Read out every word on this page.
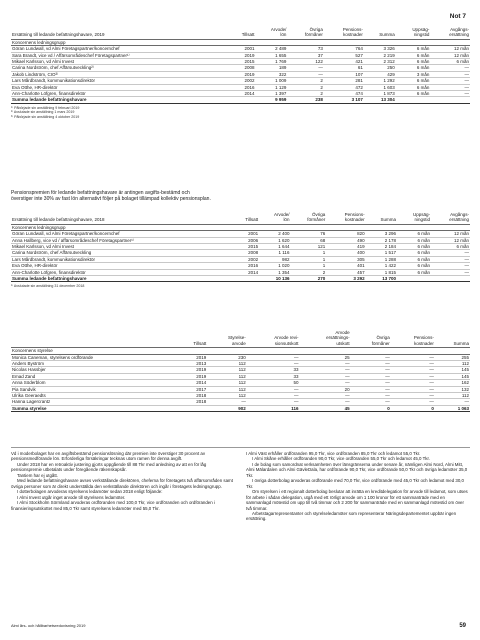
Not 7
Ersättning till ledande befattningshavare, 2019	Tillsatt	Arvode/
lön	Övriga
förmåner	Pensions-
kostnader	Summa	Uppsäg-
ningstid	Avgångs-
ersättning
Koncernens ledningsgrupp							
Göran Lundwall, vd Almi Företagspartner/koncernchef	2001	2 489	73	764	3 326	6 mån	12 mån
Sara Brandt, vice vd / Affärsområdeschef Företagspartner¹⁾	2019	1 655	37	527	2 219	6 mån	12 mån
Mikael Karlsson, vd Almi Invest	2015	1 769	122	421	2 312	6 mån	6 mån
Carina Nordström, chef Affärsutveckling²⁾	2008	189	—	61	250	6 mån	—
Jakob Lindström, CIO³⁾	2019	322	—	107	429	3 mån	—
Lars Mårdbrandt, kommunikationsdirektör	2002	1 009	2	281	1 292	6 mån	—
Eva Otthe, HR-direktör	2016	1 129	2	472	1 603	6 mån	—
Ann-Charlotte Löfgren, finansdirektör	2014	1 397	2	474	1 873	6 mån	—
Summa ledande befattningshavare		9 959	238	3 107	13 304		
¹⁾ Påbörjade sin anställning 9 februari 2019
²⁾ Avslutade sin anställning 1 mars 2019
³⁾ Påbörjade sin anställning 4 oktober 2019
Pensionspremien för ledande befattningshavare är antingen avgifts-bestämd och överstiger inte 30% av fast lön alternativt följer på bolaget tillämpad kollektiv pensionsplan.
Ersättning till ledande befattningshavare, 2018	Tillsatt	Arvode/
lön	Övriga
förmåner	Pensions-
kostnader	Summa	Uppsäg-
ningstid	Avgångs-
ersättning
Koncernens ledningsgrupp							
Göran Lundwall, vd Almi Företagspartner/koncernchef	2001	2 400	76	820	3 296	6 mån	12 mån
Anna Hallberg, vice vd / affärsområdeschef Företagspartner¹⁾	2006	1 620	68	490	2 178	6 mån	12 mån
Mikael Karlsson, vd Almi Invest	2015	1 644	121	419	2 184	6 mån	6 mån
Carina Nordström, chef Affärsutveckling	2008	1 116	1	400	1 517	6 mån	—
Lars Mårdbrandt, kommunikationsdirektör	2002	982	1	305	1 288	6 mån	—
Eva Otthe, HR-direktör	2016	1 020	1	401	1 422	6 mån	—
Ann-Charlotte Löfgren, finansdirektör	2014	1 354	2	457	1 815	6 mån	—
Summa ledande befattningshavare		10 136	270	3 292	13 700		
¹⁾ Avslutade sin anställning 31 december 2018
	Tillsatt	Styrelse-
arvode	Arvode revi-
sionsutskott	Arvode
ersättnings-
utskott	Övriga
förmåner	Pensions-
kostnader	Summa
Koncernens styrelse							
Monica Caneman, styrelsens ordförande	2019	230	—	25	—	—	255
Anders Byström	2013	112	—	—	—	—	112
Nicolas Hassbjer	2019	112	33	—	—	—	145
Emad Zand	2019	112	33	—	—	—	145
Anna Söderblom	2014	112	50	—	—	—	162
Pia Sandvik	2017	112	—	20	—	—	132
Ulrika Geeraedts	2018	112	—	—	—	—	112
Hanna Lagercrantz	2018	—	—	—	—	—	—
Summa styrelse		902	116	45	0	0	1 063

Vd i moderbolaget har en avgiftsbestämd pensionslösning där premien inte överstiger 30 procent av pensionsmedförande lön. Erforderliga försäkringar tecknas utom ramen för denna avgift.

Under 2018 har en retroaktiv justering gjorts uppgående till 88 Tkr med anledning av att en för låg pensionspremie utbetalats under föregående räkenskapsår.

Tantiem har ej utgått.

Med ledande befattningshavare avses verkställande direktören, cheferna för företagets två affärsområden samt övriga personer som är direkt underställda den verkställande direktören och ingår i företagets ledningsgrupp.

I dotterbolagen arvoderas styrelsens ledamöter sedan 2018 enligt följande:

I Almi Invest utgår inget arvode till styrelsens ledamöter.

I Almi Stockholm Sörmland arvoderas ordföranden med 100,0 Tkr, vice ordföranden och ordföranden i finansieringsutskottet med 85,0 Tkr samt styrelsens ledamöter med 55,0 Tkr.

I Almi Väst erhåller ordföranden 95,0 Tkr, vice ordföranden 85,0 Tkr och ledamot 55,0 Tkr.

I Almi Skåne erhåller ordföranden 90,0 Tkr, vice ordföranden 55,0 Tkr och ledamot 45,0 Tkr.

I de bolag som samordnat verksamheten över länsgränserna under senare år, nämligen Almi Nord, Almi Mitt, Almi Mälardalen och Almi GävleDala, har ordförande 90,0 Tkr, vice ordförande 50,0 Tkr och övriga ledamöter 35,0 Tkr.

I övriga dotterbolag arvoderas ordförande med 70,0 Tkr, vice ordförande med 45,0 Tkr och ledamot med 30,0 Tkr.

Om styrelsen i ett regionalt dotterbolag beslutar att inrätta en kreditdelegation för arvode till ledamot, som utses för arbete i sådan delegation, utgå med ett rörligt arvode om 1 100 kronor för ett sammanträde med en sammanlagd mötestid om upp till två timmar och 2 200 för sammanträde med en sammanlagd mötestid om över två timmar.

Arbetstagarrepresentanter och styrelseledamöter som representerar Näringsdepartementet uppbär ingen ersättning.

Almi års- och hållbarhetsredovisning 2019	59
